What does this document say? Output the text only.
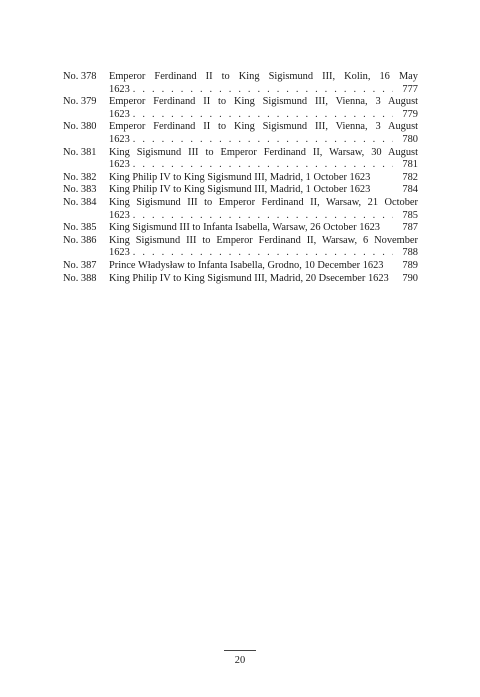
No. 378	Emperor Ferdinand II to King Sigismund III, Kolin, 16 May
1623 . . .	777
No. 379	Emperor Ferdinand II to King Sigismund III, Vienna, 3 August
1623 . . .	779
No. 380	Emperor Ferdinand II to King Sigismund III, Vienna, 3 August
1623 . . .	780
No. 381	King Sigismund III to Emperor Ferdinand II, Warsaw, 30 August
1623 . . .	781
No. 382	King Philip IV to King Sigismund III, Madrid, 1 October 1623	782
No. 383	King Philip IV to King Sigismund III, Madrid, 1 October 1623	784
No. 384	King Sigismund III to Emperor Ferdinand II, Warsaw, 21 October
1623 . . .	785
No. 385	King Sigismund III to Infanta Isabella, Warsaw, 26 October 1623	787
No. 386	King Sigismund III to Emperor Ferdinand II, Warsaw, 6 November
1623 . . .	788
No. 387	Prince Władysław to Infanta Isabella, Grodno, 10 December 1623	789
No. 388	King Philip IV to King Sigismund III, Madrid, 20 Dsecember 1623	790
20
